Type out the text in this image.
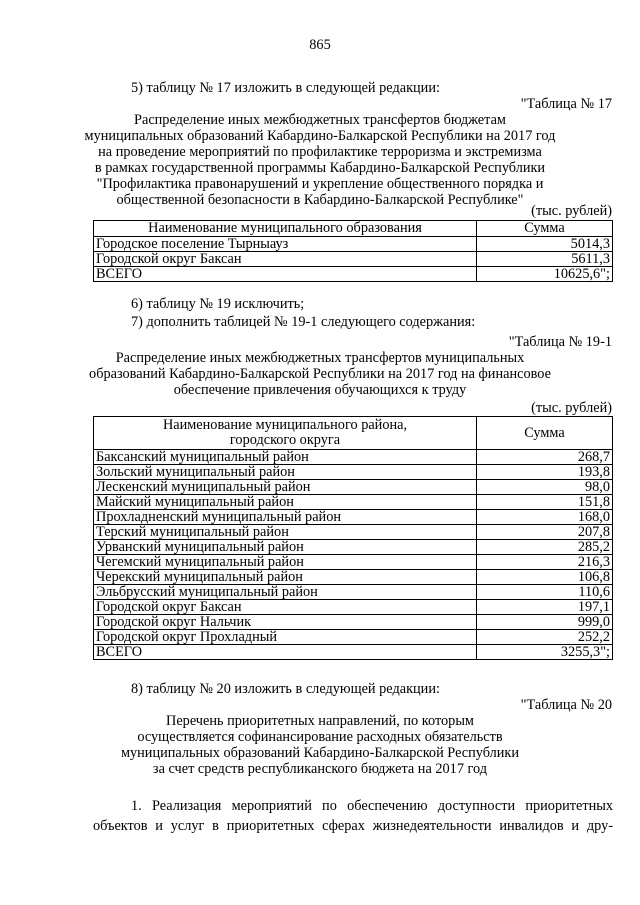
865
5) таблицу № 17 изложить в следующей редакции:
"Таблица № 17
Распределение иных межбюджетных трансфертов бюджетам
муниципальных образований Кабардино-Балкарской Республики на 2017 год
на проведение мероприятий по профилактике терроризма и экстремизма
в рамках государственной программы Кабардино-Балкарской Республики
"Профилактика правонарушений и укрепление общественного порядка и
общественной безопасности в Кабардино-Балкарской Республике"
(тыс. рублей)
Наименование муниципального образования	Сумма
Городское поселение Тырныауз	5014,3
Городской округ Баксан	5611,3
ВСЕГО	10625,6";
6) таблицу № 19 исключить;
7) дополнить таблицей № 19-1 следующего содержания:
"Таблица № 19-1
Распределение иных межбюджетных трансфертов муниципальных
образований Кабардино-Балкарской Республики на 2017 год на финансовое
обеспечение привлечения обучающихся к труду
(тыс. рублей)
Наименование муниципального района,
городского округа	Сумма
Баксанский муниципальный район	268,7
Зольский муниципальный район	193,8
Лескенский муниципальный район	98,0
Майский муниципальный район	151,8
Прохладненский муниципальный район	168,0
Терский муниципальный район	207,8
Урванский муниципальный район	285,2
Чегемский муниципальный район	216,3
Черекский муниципальный район	106,8
Эльбрусский муниципальный район	110,6
Городской округ Баксан	197,1
Городской округ Нальчик	999,0
Городской округ Прохладный	252,2
ВСЕГО	3255,3";
8) таблицу № 20 изложить в следующей редакции:
"Таблица № 20
Перечень приоритетных направлений, по которым
осуществляется софинансирование расходных обязательств
муниципальных образований Кабардино-Балкарской Республики
за счет средств республиканского бюджета на 2017 год
1. Реализация мероприятий по обеспечению доступности приоритетных
объектов и услуг в приоритетных сферах жизнедеятельности инвалидов и дру-
